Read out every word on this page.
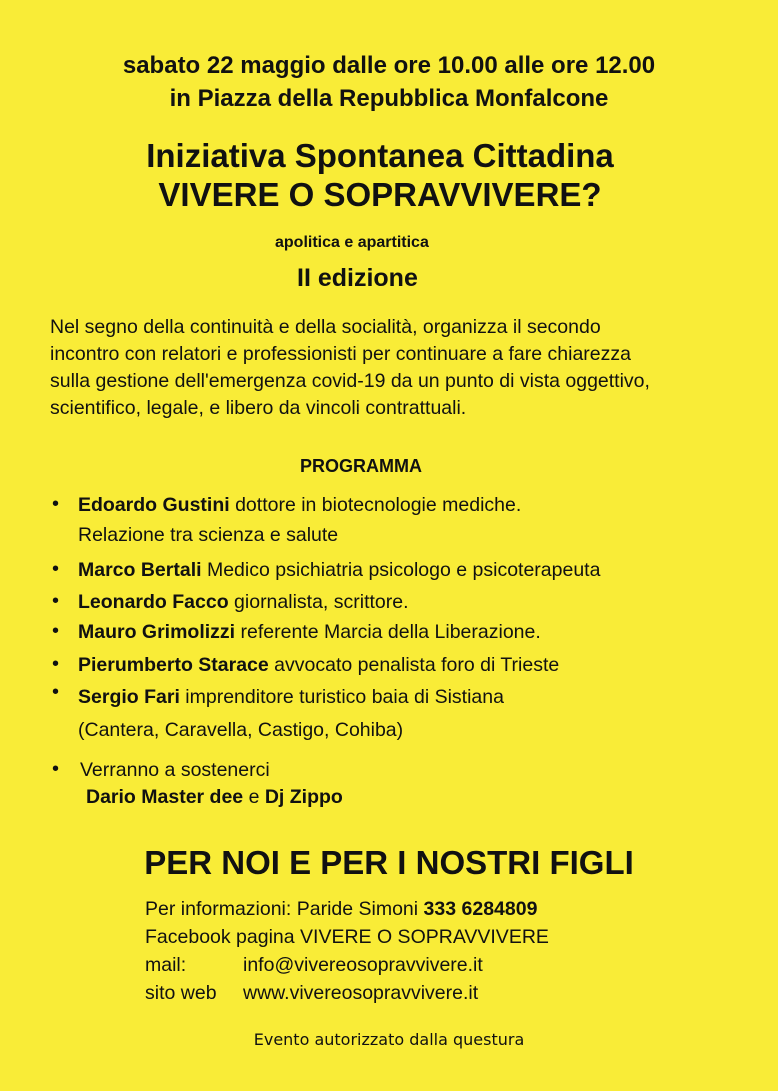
sabato 22 maggio dalle ore 10.00 alle ore 12.00
in Piazza della Repubblica Monfalcone
Iniziativa Spontanea Cittadina
VIVERE O SOPRAVVIVERE?
apolitica e apartitica
II edizione
Nel segno della continuità e della socialità, organizza il secondo
incontro con relatori e professionisti per continuare a fare chiarezza
sulla gestione dell'emergenza covid-19 da un punto di vista oggettivo,
scientifico, legale, e libero da vincoli contrattuali.
PROGRAMMA
• Edoardo Gustini dottore in biotecnologie mediche.
Relazione tra scienza e salute
• Marco Bertali Medico psichiatria psicologo e psicoterapeuta
• Leonardo Facco giornalista, scrittore.
• Mauro Grimolizzi referente Marcia della Liberazione.
• Pierumberto Starace avvocato penalista foro di Trieste
• Sergio Fari imprenditore turistico baia di Sistiana
(Cantera, Caravella, Castigo, Cohiba)
• Verranno a sostenerci
Dario Master dee e Dj Zippo
PER NOI E PER I NOSTRI FIGLI
Per informazioni: Paride Simoni 333 6284809
Facebook pagina VIVERE O SOPRAVVIVERE
mail:	info@vivereosopravvivere.it
sito web www.vivereosopravvivere.it
Evento autorizzato dalla questura
